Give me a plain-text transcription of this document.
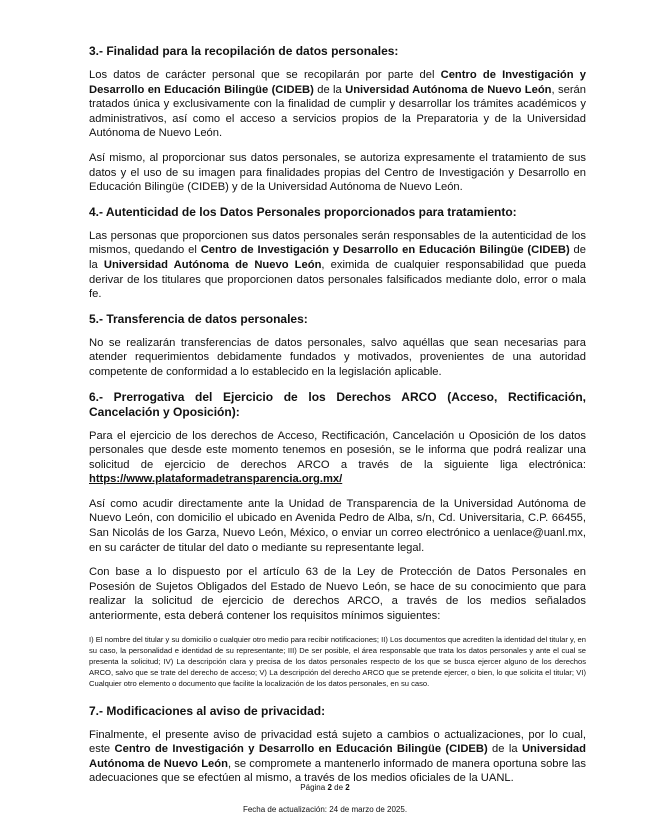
3.- Finalidad para la recopilación de datos personales:

Los datos de carácter personal que se recopilarán por parte del Centro de Investigación y Desarrollo en Educación Bilingüe (CIDEB) de la Universidad Autónoma de Nuevo León, serán tratados única y exclusivamente con la finalidad de cumplir y desarrollar los trámites académicos y administrativos, así como el acceso a servicios propios de la Preparatoria y de la Universidad Autónoma de Nuevo León.

Así mismo, al proporcionar sus datos personales, se autoriza expresamente el tratamiento de sus datos y el uso de su imagen para finalidades propias del Centro de Investigación y Desarrollo en Educación Bilingüe (CIDEB) y de la Universidad Autónoma de Nuevo León.

4.- Autenticidad de los Datos Personales proporcionados para tratamiento:

Las personas que proporcionen sus datos personales serán responsables de la autenticidad de los mismos, quedando el Centro de Investigación y Desarrollo en Educación Bilingüe (CIDEB) de la Universidad Autónoma de Nuevo León, eximida de cualquier responsabilidad que pueda derivar de los titulares que proporcionen datos personales falsificados mediante dolo, error o mala fe.

5.- Transferencia de datos personales:

No se realizarán transferencias de datos personales, salvo aquéllas que sean necesarias para atender requerimientos debidamente fundados y motivados, provenientes de una autoridad competente de conformidad a lo establecido en la legislación aplicable.

6.- Prerrogativa del Ejercicio de los Derechos ARCO (Acceso, Rectificación, Cancelación y Oposición):

Para el ejercicio de los derechos de Acceso, Rectificación, Cancelación u Oposición de los datos personales que desde este momento tenemos en posesión, se le informa que podrá realizar una solicitud de ejercicio de derechos ARCO a través de la siguiente liga electrónica: https://www.plataformadetransparencia.org.mx/

Así como acudir directamente ante la Unidad de Transparencia de la Universidad Autónoma de Nuevo León, con domicilio el ubicado en Avenida Pedro de Alba, s/n, Cd. Universitaria, C.P. 66455, San Nicolás de los Garza, Nuevo León, México, o enviar un correo electrónico a uenlace@uanl.mx, en su carácter de titular del dato o mediante su representante legal.

Con base a lo dispuesto por el artículo 63 de la Ley de Protección de Datos Personales en Posesión de Sujetos Obligados del Estado de Nuevo León, se hace de su conocimiento que para realizar la solicitud de ejercicio de derechos ARCO, a través de los medios señalados anteriormente, esta deberá contener los requisitos mínimos siguientes:

I) El nombre del titular y su domicilio o cualquier otro medio para recibir notificaciones; II) Los documentos que acrediten la identidad del titular y, en su caso, la personalidad e identidad de su representante; III) De ser posible, el área responsable que trata los datos personales y ante el cual se presenta la solicitud; IV) La descripción clara y precisa de los datos personales respecto de los que se busca ejercer alguno de los derechos ARCO, salvo que se trate del derecho de acceso; V) La descripción del derecho ARCO que se pretende ejercer, o bien, lo que solicita el titular; VI) Cualquier otro elemento o documento que facilite la localización de los datos personales, en su caso.

7.- Modificaciones al aviso de privacidad:

Finalmente, el presente aviso de privacidad está sujeto a cambios o actualizaciones, por lo cual, este Centro de Investigación y Desarrollo en Educación Bilingüe (CIDEB) de la Universidad Autónoma de Nuevo León, se compromete a mantenerlo informado de manera oportuna sobre las adecuaciones que se efectúen al mismo, a través de los medios oficiales de la UANL.

Página 2 de 2
Fecha de actualización: 24 de marzo de 2025.
